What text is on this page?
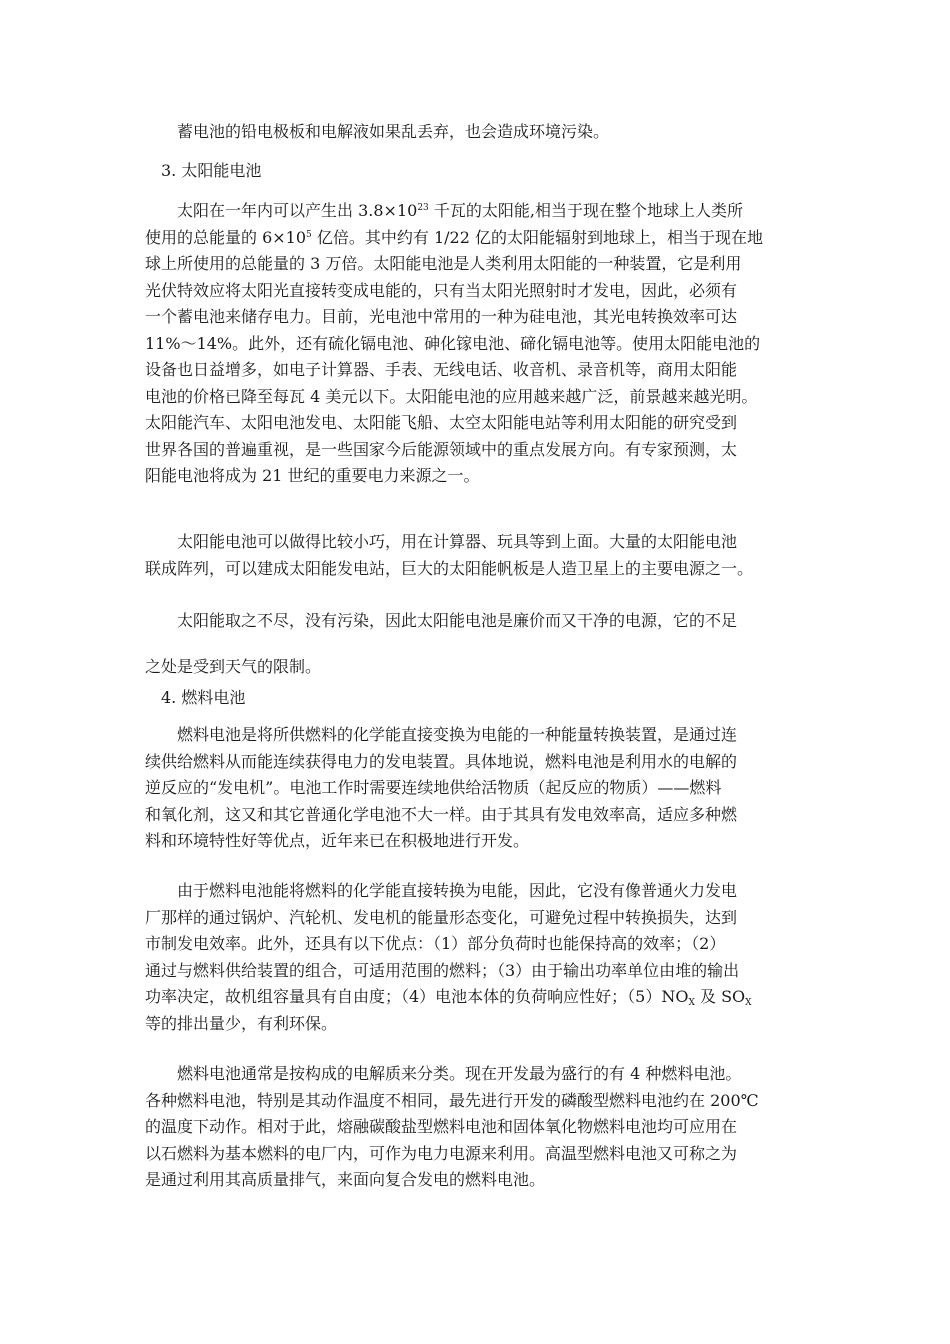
蓄电池的铅电极板和电解液如果乱丢弃，也会造成环境污染。

3. 太阳能电池

太阳在一年内可以产生出 $3.8\times 10^{23}$ 千瓦的太阳能,相当于现在整个地球上人类所
使用的总能量的 $6\times 10^5$ 亿倍。其中约有 1/22 亿的太阳能辐射到地球上，相当于现在地
球上所使用的总能量的 3 万倍。太阳能电池是人类利用太阳能的一种装置，它是利用
光伏特效应将太阳光直接转变成电能的，只有当太阳光照射时才发电，因此，必须有
一个蓄电池来储存电力。目前，光电池中常用的一种为硅电池，其光电转换效率可达
11%～14%。此外，还有硫化镉电池、砷化镓电池、碲化镉电池等。使用太阳能电池的
设备也日益增多，如电子计算器、手表、无线电话、收音机、录音机等，商用太阳能
电池的价格已降至每瓦 4 美元以下。太阳能电池的应用越来越广泛，前景越来越光明。
太阳能汽车、太阳电池发电、太阳能飞船、太空太阳能电站等利用太阳能的研究受到
世界各国的普遍重视，是一些国家今后能源领域中的重点发展方向。有专家预测，太
阳能电池将成为 21 世纪的重要电力来源之一。

太阳能电池可以做得比较小巧，用在计算器、玩具等到上面。大量的太阳能电池
联成阵列，可以建成太阳能发电站，巨大的太阳能帆板是人造卫星上的主要电源之一。

太阳能取之不尽，没有污染，因此太阳能电池是廉价而又干净的电源，它的不足
之处是受到天气的限制。

4. 燃料电池

燃料电池是将所供燃料的化学能直接变换为电能的一种能量转换装置，是通过连
续供给燃料从而能连续获得电力的发电装置。具体地说，燃料电池是利用水的电解的
逆反应的“发电机”。电池工作时需要连续地供给活物质（起反应的物质）——燃料
和氧化剂，这又和其它普通化学电池不大一样。由于其具有发电效率高，适应多种燃
料和环境特性好等优点，近年来已在积极地进行开发。

由于燃料电池能将燃料的化学能直接转换为电能，因此，它没有像普通火力发电
厂那样的通过锅炉、汽轮机、发电机的能量形态变化，可避免过程中转换损失，达到
市制发电效率。此外，还具有以下优点：（1）部分负荷时也能保持高的效率；（2）
通过与燃料供给装置的组合，可适用范围的燃料；（3）由于输出功率单位由堆的输出
功率决定，故机组容量具有自由度；（4）电池本体的负荷响应性好；$(5)NO_X$ 及 $SO_X$
等的排出量少，有利环保。

燃料电池通常是按构成的电解质来分类。现在开发最为盛行的有 4 种燃料电池。
各种燃料电池，特别是其动作温度不相同，最先进行开发的磷酸型燃料电池约在 200℃
的温度下动作。相对于此，熔融碳酸盐型燃料电池和固体氧化物燃料电池均可应用在
以石燃料为基本燃料的电厂内，可作为电力电源来利用。高温型燃料电池又可称之为
是通过利用其高质量排气，来面向复合发电的燃料电池。
